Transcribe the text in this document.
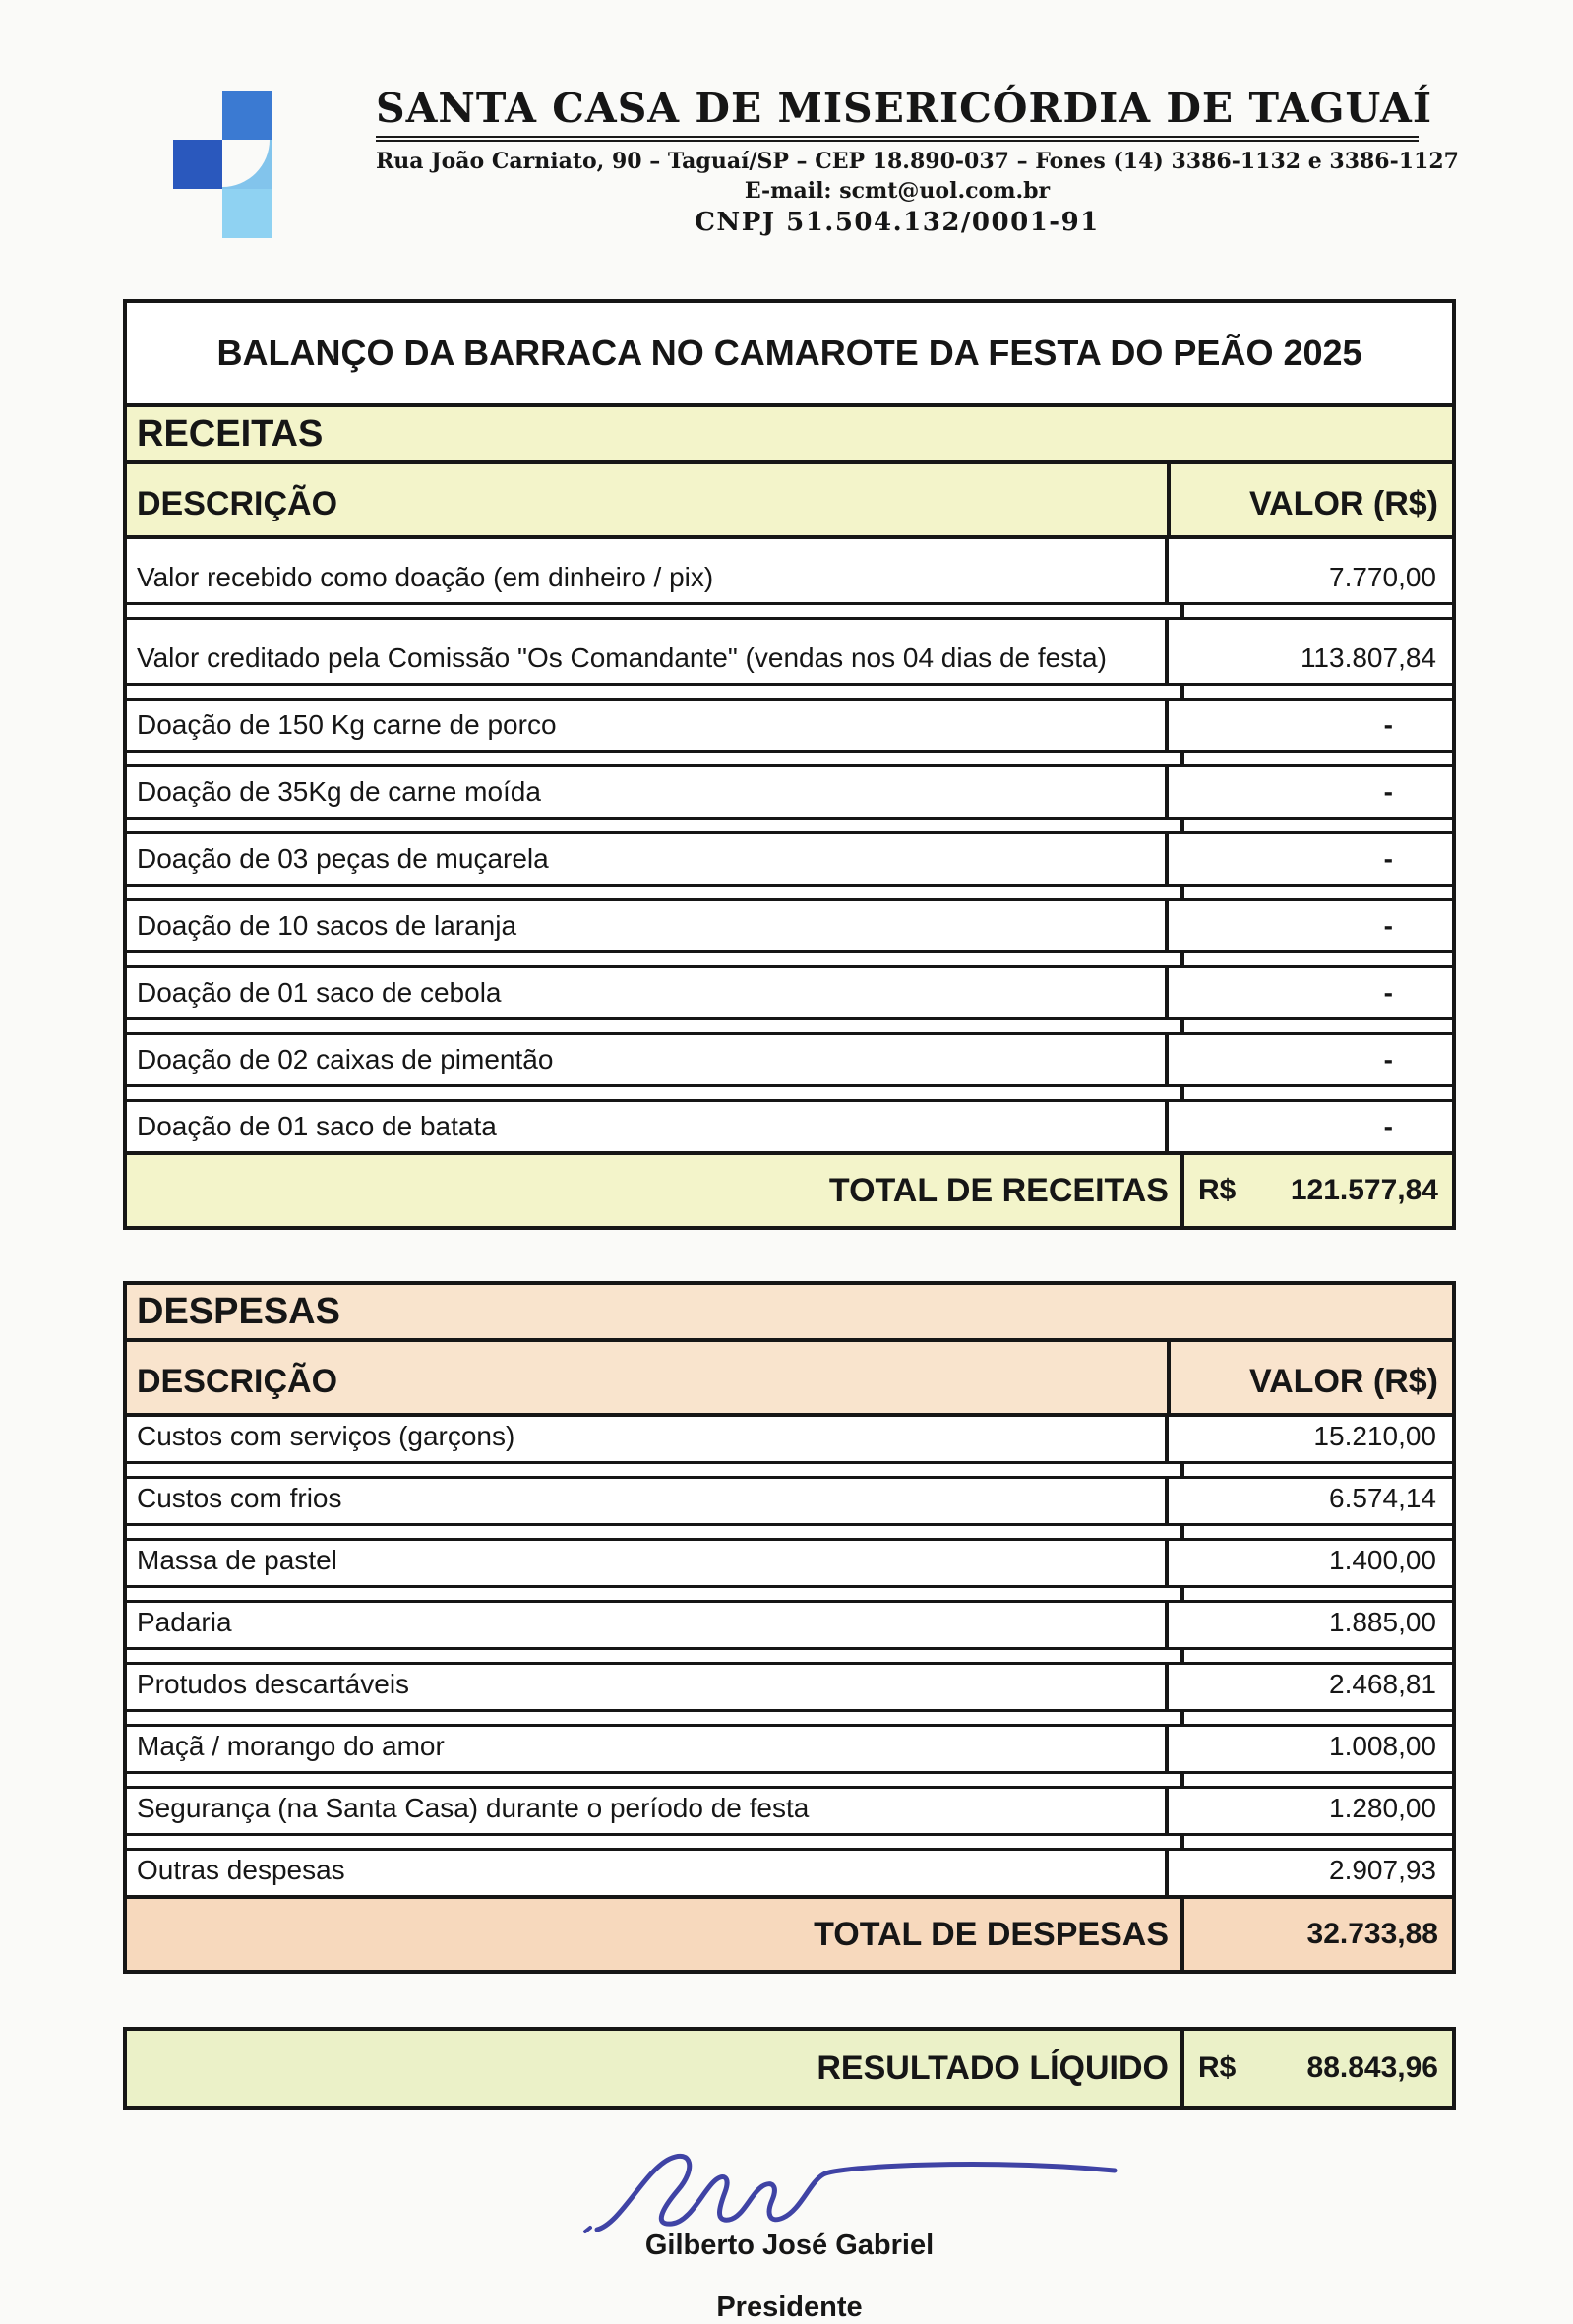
SANTA CASA DE MISERICÓRDIA DE TAGUAÍ
Rua João Carniato, 90 – Taguaí/SP – CEP 18.890-037 – Fones (14) 3386-1132 e 3386-1127
E-mail: scmt@uol.com.br
CNPJ 51.504.132/0001-91
BALANÇO DA BARRACA NO CAMAROTE DA FESTA DO PEÃO 2025
RECEITAS
DESCRIÇÃO	VALOR (R$)
Valor recebido como doação (em dinheiro / pix)	7.770,00
Valor creditado pela Comissão "Os Comandante" (vendas nos 04 dias de festa)	113.807,84
Doação de 150 Kg carne de porco	-
Doação de 35Kg de carne moída	-
Doação de 03 peças de muçarela	-
Doação de 10 sacos de laranja	-
Doação de 01 saco de cebola	-
Doação de 02 caixas de pimentão	-
Doação de 01 saco de batata	-
TOTAL DE RECEITAS	R$ 121.577,84
DESPESAS
DESCRIÇÃO	VALOR (R$)
Custos com serviços (garçons)	15.210,00
Custos com frios	6.574,14
Massa de pastel	1.400,00
Padaria	1.885,00
Protudos descartáveis	2.468,81
Maçã / morango do amor	1.008,00
Segurança (na Santa Casa) durante o período de festa	1.280,00
Outras despesas	2.907,93
TOTAL DE DESPESAS	32.733,88
RESULTADO LÍQUIDO	R$ 88.843,96
Gilberto José Gabriel
Presidente
